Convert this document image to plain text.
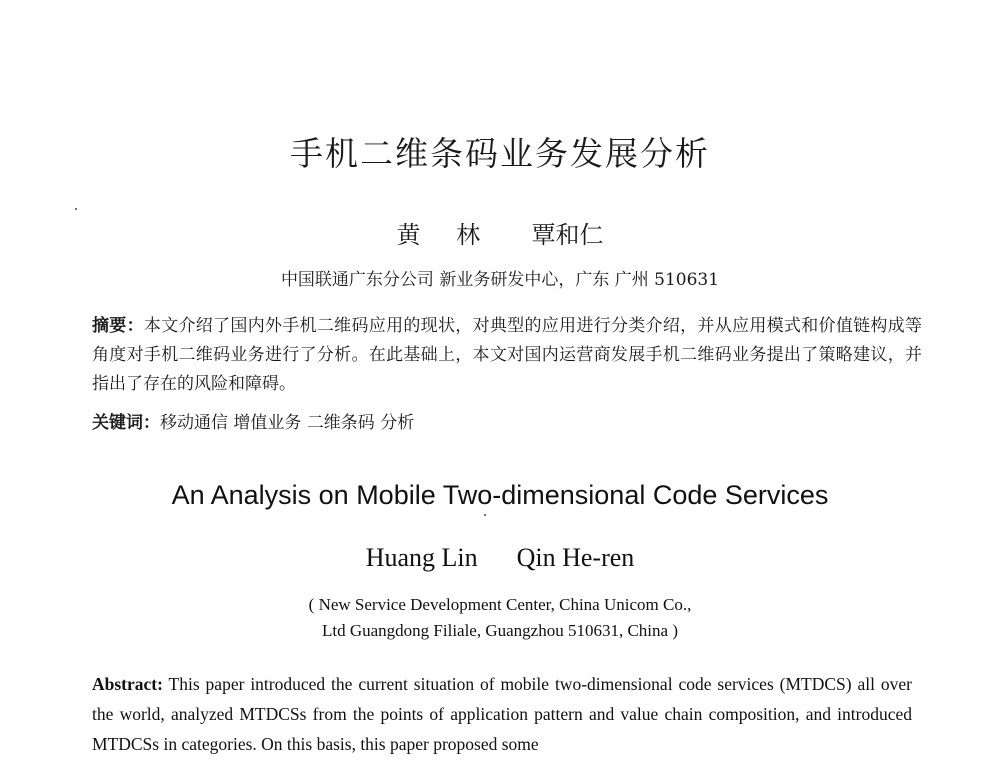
手机二维条码业务发展分析
黄 林 覃和仁
中国联通广东分公司 新业务研发中心，广东 广州 510631
摘要：本文介绍了国内外手机二维码应用的现状，对典型的应用进行分类介绍，并从应用模式和价值链构成等角度对手机二维码业务进行了分析。在此基础上，本文对国内运营商发展手机二维码业务提出了策略建议，并指出了存在的风险和障碍。
关键词：移动通信 增值业务 二维条码 分析
An Analysis on Mobile Two-dimensional Code Services
Huang Lin Qin He-ren
( New Service Development Center, China Unicom Co.,
Ltd Guangdong Filiale, Guangzhou 510631, China )
Abstract: This paper introduced the current situation of mobile two-dimensional code services (MTDCS) all over the world, analyzed MTDCSs from the points of application pattern and value chain composition, and introduced MTDCSs in categories. On this basis, this paper proposed some
